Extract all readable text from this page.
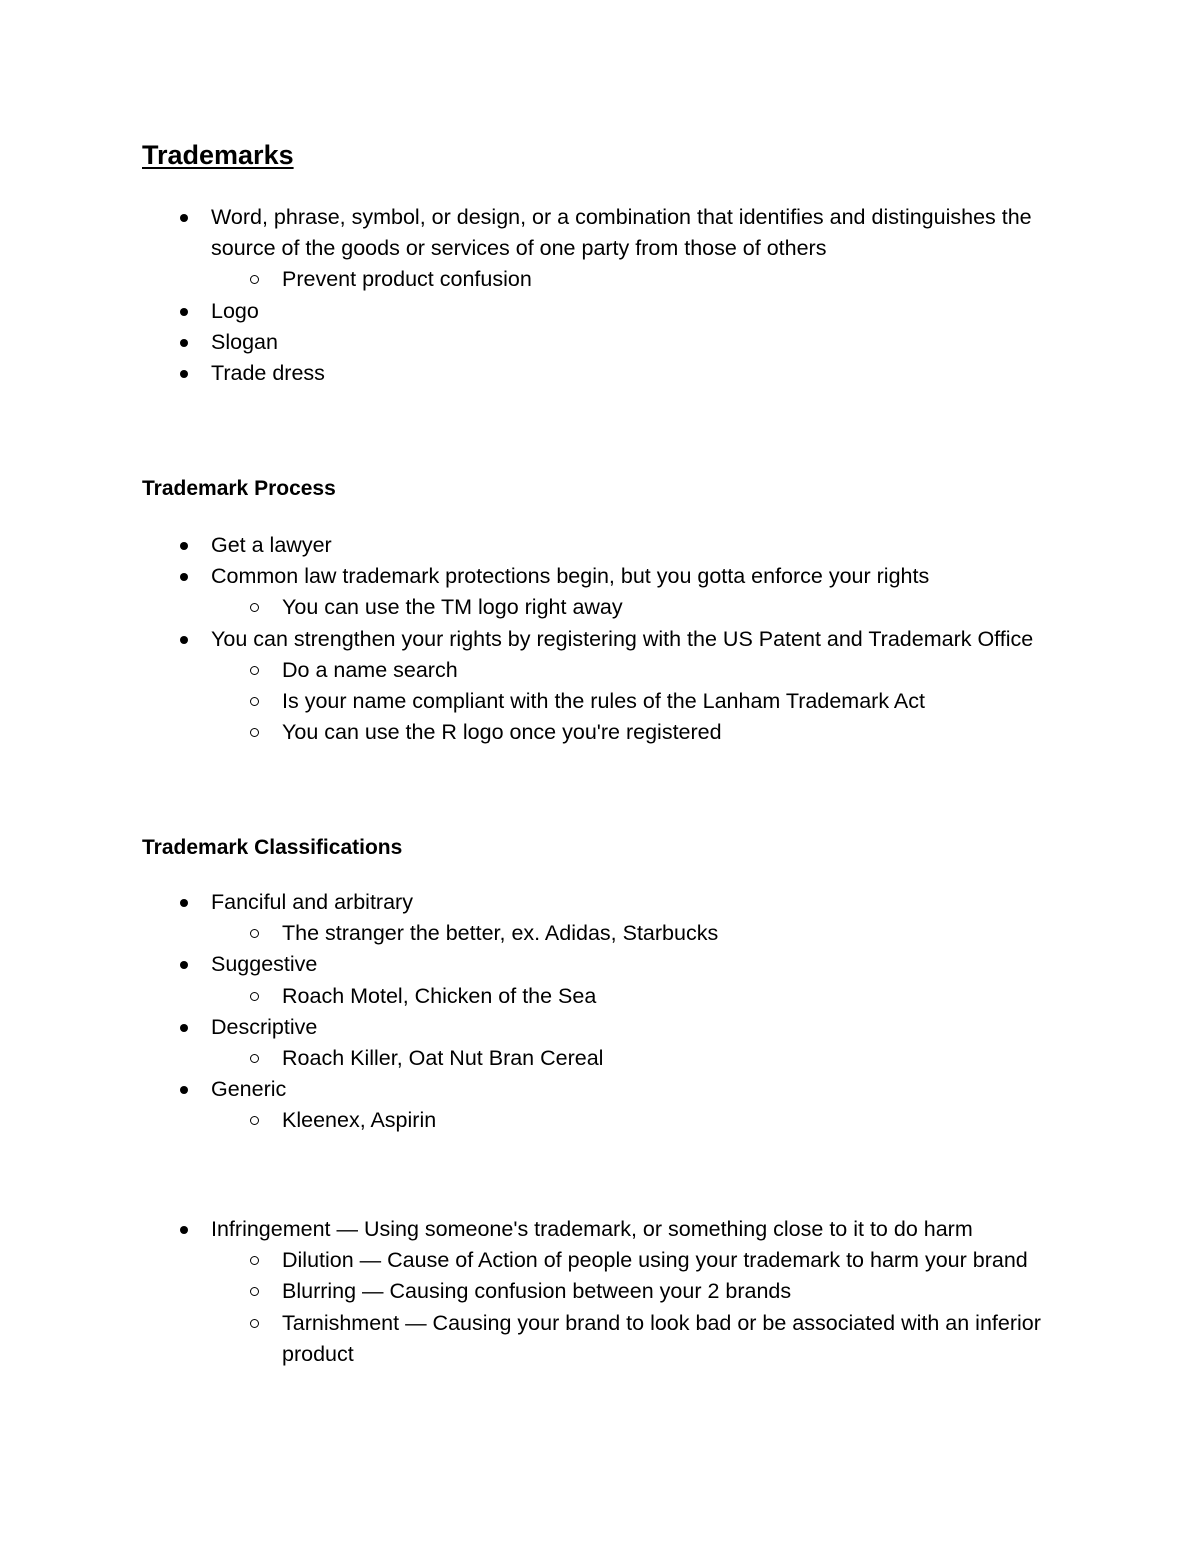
Trademarks
Word, phrase, symbol, or design, or a combination that identifies and distinguishes the source of the goods or services of one party from those of others
Prevent product confusion
Logo
Slogan
Trade dress
Trademark Process
Get a lawyer
Common law trademark protections begin, but you gotta enforce your rights
You can use the TM logo right away
You can strengthen your rights by registering with the US Patent and Trademark Office
Do a name search
Is your name compliant with the rules of the Lanham Trademark Act
You can use the R logo once you're registered
Trademark Classifications
Fanciful and arbitrary
The stranger the better, ex. Adidas, Starbucks
Suggestive
Roach Motel, Chicken of the Sea
Descriptive
Roach Killer, Oat Nut Bran Cereal
Generic
Kleenex, Aspirin
Infringement — Using someone's trademark, or something close to it to do harm
Dilution — Cause of Action of people using your trademark to harm your brand
Blurring — Causing confusion between your 2 brands
Tarnishment — Causing your brand to look bad or be associated with an inferior product
